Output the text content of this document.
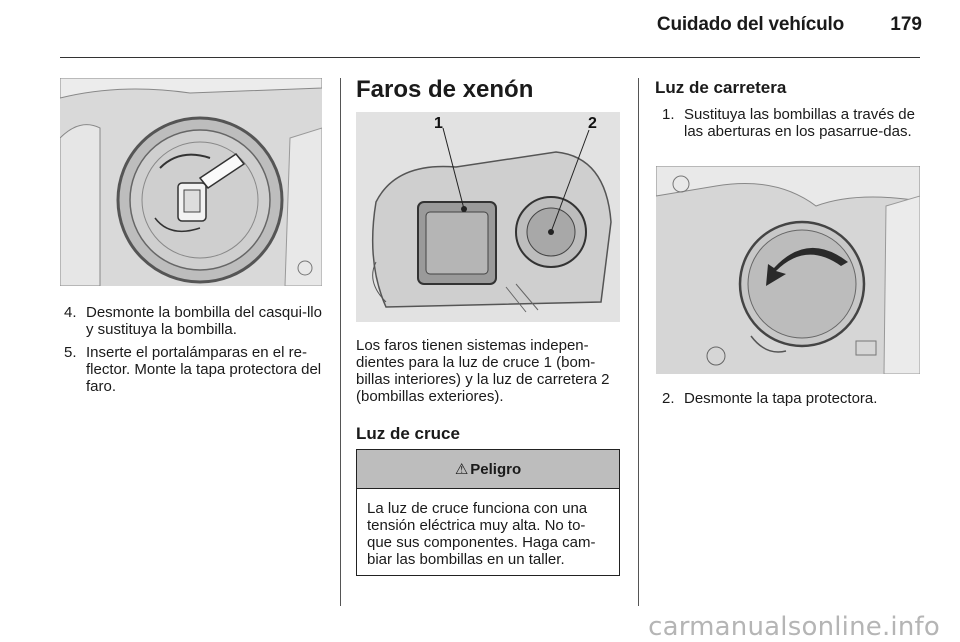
Cuidado del vehículo	179
4. Desmonte la bombilla del casqui-llo y sustituya la bombilla.
5. Inserte el portalámparas en el re-flector. Monte la tapa protectora del faro.
Faros de xenón
1	2

Los faros tienen sistemas indepen-dientes para la luz de cruce 1 (bom-billas interiores) y la luz de carretera 2 (bombillas exteriores).

Luz de cruce
⚠ Peligro
La luz de cruce funciona con una tensión eléctrica muy alta. No to-que sus componentes. Haga cam-biar las bombillas en un taller.
Luz de carretera
1. Sustituya las bombillas a través de las aberturas en los pasarrue-das.
2. Desmonte la tapa protectora.
carmanualsonline.info
